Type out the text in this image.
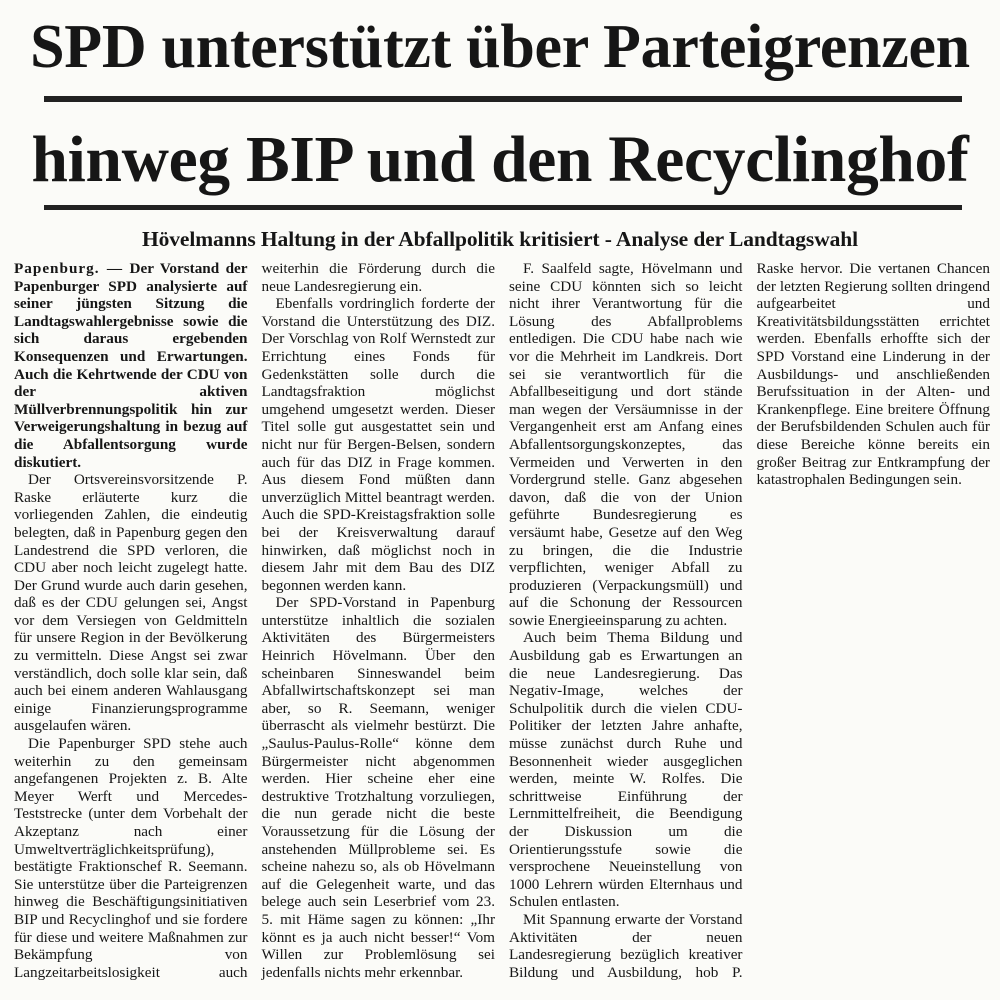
SPD unterstützt über Parteigrenzen
hinweg BIP und den Recyclinghof
Hövelmanns Haltung in der Abfallpolitik kritisiert - Analyse der Landtagswahl

Papenburg. — Der Vorstand der Papenburger SPD analysierte auf seiner jüngsten Sitzung die Landtagswahlergebnisse sowie die sich daraus ergebenden Konsequenzen und Erwartungen. Auch die Kehrtwende der CDU von der aktiven Müllverbrennungspolitik hin zur Verweigerungshaltung in bezug auf die Abfallentsorgung wurde diskutiert.

Der Ortsvereinsvorsitzende P. Raske erläuterte kurz die vorliegenden Zahlen, die eindeutig belegten, daß in Papenburg gegen den Landestrend die SPD verloren, die CDU aber noch leicht zugelegt hatte. Der Grund wurde auch darin gesehen, daß es der CDU gelungen sei, Angst vor dem Versiegen von Geldmitteln für unsere Region in der Bevölkerung zu vermitteln. Diese Angst sei zwar verständlich, doch solle klar sein, daß auch bei einem anderen Wahlausgang einige Finanzierungsprogramme ausgelaufen wären.

Die Papenburger SPD stehe auch weiterhin zu den gemeinsam angefangenen Projekten z. B. Alte Meyer Werft und Mercedes-Teststrecke (unter dem Vorbehalt der Akzeptanz nach einer Umweltverträglichkeitsprüfung), bestätigte Fraktionschef R. Seemann. Sie unterstütze über die Parteigrenzen hinweg die Beschäftigungsinitiativen BIP und Recyclinghof und sie fordere für diese und weitere Maßnahmen zur Bekämpfung von Langzeitarbeitslosigkeit auch weiterhin die Förderung durch die neue Landesregierung ein.

Ebenfalls vordringlich forderte der Vorstand die Unterstützung des DIZ. Der Vorschlag von Rolf Wernstedt zur Errichtung eines Fonds für Gedenkstätten solle durch die Landtagsfraktion möglichst umgehend umgesetzt werden. Dieser Titel solle gut ausgestattet sein und nicht nur für Bergen-Belsen, sondern auch für das DIZ in Frage kommen. Aus diesem Fond müßten dann unverzüglich Mittel beantragt werden. Auch die SPD-Kreistagsfraktion solle bei der Kreisverwaltung darauf hinwirken, daß möglichst noch in diesem Jahr mit dem Bau des DIZ begonnen werden kann.

Der SPD-Vorstand in Papenburg unterstütze inhaltlich die sozialen Aktivitäten des Bürgermeisters Heinrich Hövelmann. Über den scheinbaren Sinneswandel beim Abfallwirtschaftskonzept sei man aber, so R. Seemann, weniger überrascht als vielmehr bestürzt. Die „Saulus-Paulus-Rolle“ könne dem Bürgermeister nicht abgenommen werden. Hier scheine eher eine destruktive Trotzhaltung vorzuliegen, die nun gerade nicht die beste Voraussetzung für die Lösung der anstehenden Müllprobleme sei. Es scheine nahezu so, als ob Hövelmann auf die Gelegenheit warte, und das belege auch sein Leserbrief vom 23. 5. mit Häme sagen zu können: „Ihr könnt es ja auch nicht besser!“ Vom Willen zur Problemlösung sei jedenfalls nichts mehr erkennbar.

F. Saalfeld sagte, Hövelmann und seine CDU könnten sich so leicht nicht ihrer Verantwortung für die Lösung des Abfallproblems entledigen. Die CDU habe nach wie vor die Mehrheit im Landkreis. Dort sei sie verantwortlich für die Abfallbeseitigung und dort stände man wegen der Versäumnisse in der Vergangenheit erst am Anfang eines Abfallentsorgungskonzeptes, das Vermeiden und Verwerten in den Vordergrund stelle. Ganz abgesehen davon, daß die von der Union geführte Bundesregierung es versäumt habe, Gesetze auf den Weg zu bringen, die die Industrie verpflichten, weniger Abfall zu produzieren (Verpackungsmüll) und auf die Schonung der Ressourcen sowie Energieeinsparung zu achten.

Auch beim Thema Bildung und Ausbildung gab es Erwartungen an die neue Landesregierung. Das Negativ-Image, welches der Schulpolitik durch die vielen CDU-Politiker der letzten Jahre anhafte, müsse zunächst durch Ruhe und Besonnenheit wieder ausgeglichen werden, meinte W. Rolfes. Die schrittweise Einführung der Lernmittelfreiheit, die Beendigung der Diskussion um die Orientierungsstufe sowie die versprochene Neueinstellung von 1000 Lehrern würden Elternhaus und Schulen entlasten.

Mit Spannung erwarte der Vorstand Aktivitäten der neuen Landesregierung bezüglich kreativer Bildung und Ausbildung, hob P. Raske hervor. Die vertanen Chancen der letzten Regierung sollten dringend aufgearbeitet und Kreativitätsbildungsstätten errichtet werden. Ebenfalls erhoffte sich der SPD Vorstand eine Linderung in der Ausbildungs- und anschließenden Berufssituation in der Alten- und Krankenpflege. Eine breitere Öffnung der Berufsbildenden Schulen auch für diese Bereiche könne bereits ein großer Beitrag zur Entkrampfung der katastrophalen Bedingungen sein.
